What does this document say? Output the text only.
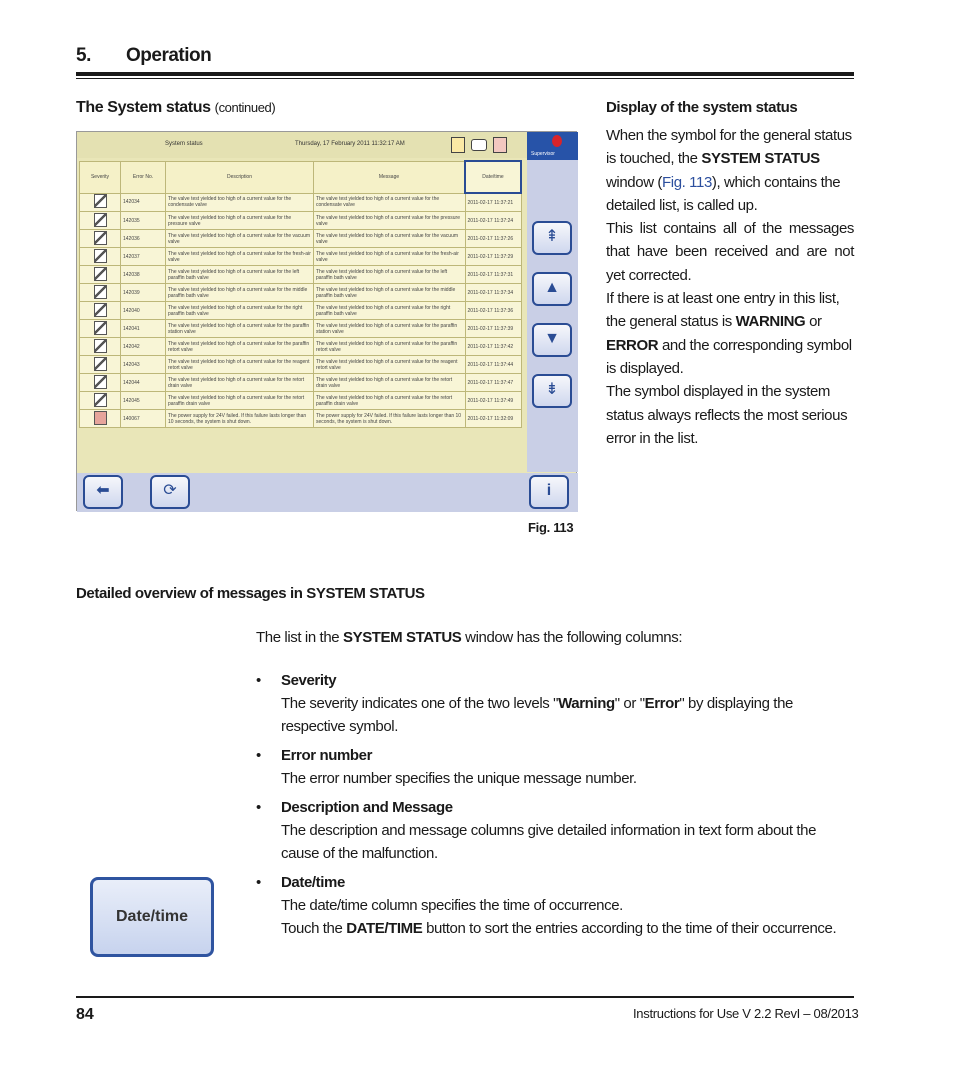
5. Operation
The System status (continued)
System status	Thursday, 17 February 2011 11:32:17 AM
Supervisor
⇞
▲
▼
⇟
Severity	Error No.	Description	Message	Date/time
	142034	The valve test yielded too high of a current value for the condensate valve	The valve test yielded too high of a current value for the condensate valve	2011-02-17 11:37:21
	142035	The valve test yielded too high of a current value for the pressure valve	The valve test yielded too high of a current value for the pressure valve	2011-02-17 11:37:24
	142036	The valve test yielded too high of a current value for the vacuum valve	The valve test yielded too high of a current value for the vacuum valve	2011-02-17 11:37:26
	142037	The valve test yielded too high of a current value for the fresh-air valve	The valve test yielded too high of a current value for the fresh-air valve	2011-02-17 11:37:29
	142038	The valve test yielded too high of a current value for the left paraffin bath valve	The valve test yielded too high of a current value for the left paraffin bath valve	2011-02-17 11:37:31
	142039	The valve test yielded too high of a current value for the middle paraffin bath valve	The valve test yielded too high of a current value for the middle paraffin bath valve	2011-02-17 11:37:34
	142040	The valve test yielded too high of a current value for the right paraffin bath valve	The valve test yielded too high of a current value for the right paraffin bath valve	2011-02-17 11:37:36
	142041	The valve test yielded too high of a current value for the paraffin station valve	The valve test yielded too high of a current value for the paraffin station valve	2011-02-17 11:37:39
	142042	The valve test yielded too high of a current value for the paraffin retort valve	The valve test yielded too high of a current value for the paraffin retort valve	2011-02-17 11:37:42
	142043	The valve test yielded too high of a current value for the reagent retort valve	The valve test yielded too high of a current value for the reagent retort valve	2011-02-17 11:37:44
	142044	The valve test yielded too high of a current value for the retort drain valve	The valve test yielded too high of a current value for the retort drain valve	2011-02-17 11:37:47
	142045	The valve test yielded too high of a current value for the retort paraffin drain valve	The valve test yielded too high of a current value for the retort paraffin drain valve	2011-02-17 11:37:49
	140067	The power supply for 24V failed. If this failure lasts longer than 10 seconds, the system is shut down.	The power supply for 24V failed. If this failure lasts longer than 10 seconds, the system is shut down.	2011-02-17 11:32:09
⬅
Back
⟳
Refresh
i
Help
Fig. 113
Display of the system status

When the symbol for the general status is touched, the SYSTEM STATUS window (Fig. 113), which contains the detailed list, is called up.

This list contains all of the messages that have been received and are not yet corrected.

If there is at least one entry in this list, the general status is WARNING or ERROR and the corresponding symbol is displayed.

The symbol displayed in the system status always reflects the most serious error in the list.

Detailed overview of messages in SYSTEM STATUS
The list in the SYSTEM STATUS window has the following columns:
• Severity
The severity indicates one of the two levels "Warning" or "Error" by displaying the respective symbol.
• Error number
The error number specifies the unique message number.
• Description and Message
The description and message columns give detailed information in text form about the cause of the malfunction.
• Date/time
The date/time column specifies the time of occurrence.
Touch the DATE/TIME button to sort the entries according to the time of their occurrence.
Date/time
84	Instructions for Use V 2.2 RevI – 08/2013
